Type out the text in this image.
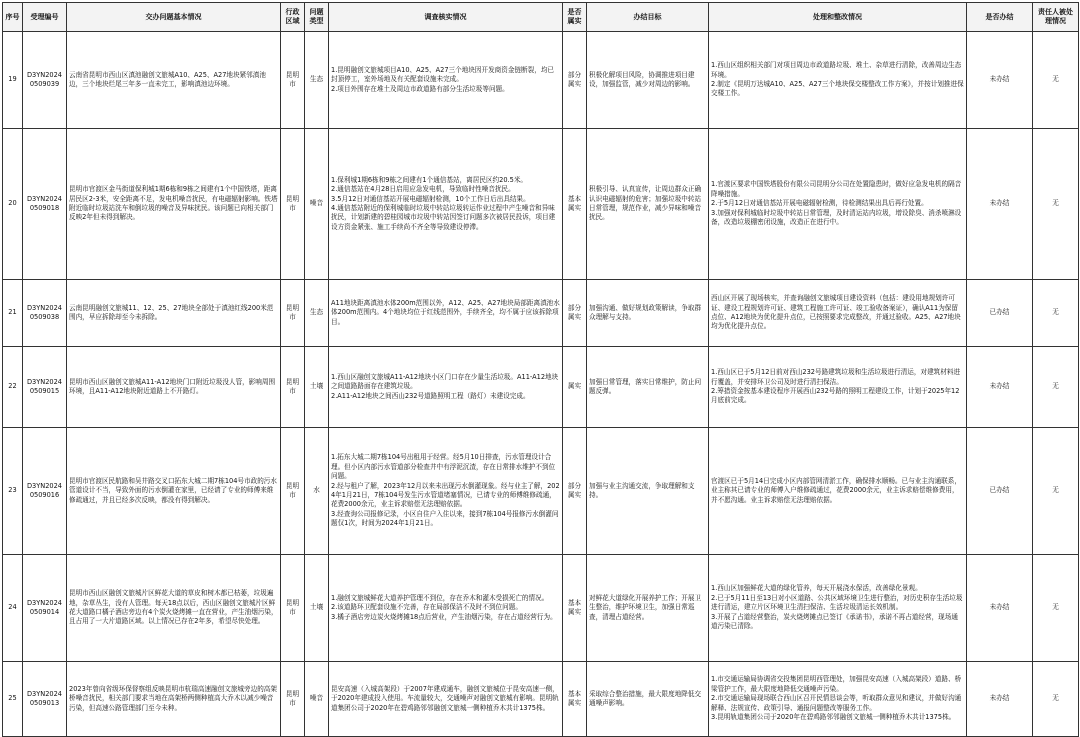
序号	受理编号	交办问题基本情况	行政区域	问题类型	调查核实情况	是否属实	办结目标	处理和整改情况	是否办结	责任人被处理情况
19	D3YN20240509039	云南省昆明市西山区滇池融创文旅城A10、A25、A27地块紧邻滇池边，三个地块烂尾三年多一直未完工，影响滇池边环境。	昆明市	生态	1.昆明融创文旅城项目A10、A25、A27三个地块因开发商资金链断裂，均已封顶停工，室外场地及有关配套设施未完成。
2.项目外围存在堆土及周边市政道路有部分生活垃圾等问题。	部分属实	积极化解项目风险，协调推进项目建设，加强监管，减少对周边的影响。	1.西山区组织相关部门对项目周边市政道路垃圾、堆土、杂草进行清除，改善周边生态环境。
2.制定《昆明万达城A10、A25、A27三个地块保交楼整改工作方案》，并按计划推进保交楼工作。	未办结	无
20	D3YN20240509018	昆明市官渡区金马街道保利城1期6栋和9栋之间建有1个中国铁塔，距离居民区2-3米，安全距离不足，发电机噪音扰民，有电磁辐射影响。铁塔附近临时垃圾站洗车和倒垃圾的噪音及异味扰民。该问题已向相关部门反映2年但未得到解决。	昆明市	噪音	1.保利城1期6栋和9栋之间建有1个通信基站，离居民区约20.5米。
2.通信基站在4月28日启用应急发电机，导致临时性噪音扰民。
3.5月12日对通信基站开展电磁辐射检测，10个工作日后出具结果。
4.通信基站附近的保利城临时垃圾中转站垃圾转运作业过程中产生噪音和异味扰民，计划新建的碧桂园城市垃圾中转站因签订问题多次被居民投诉，项目建设方资金紧张、施工手续尚不齐全等导致建设停滞。	基本属实	积极引导、认真宣传，让周边群众正确认识电磁辐射的危害；加强垃圾中转站日常管理，规范作业，减少异味和噪音扰民。	1.官渡区要求中国铁塔股份有限公司昆明分公司在处置隐患时，做好应急发电机的隔音降噪措施。
2.于5月12日对通信基站开展电磁辐射检测，待检测结果出具后再行处置。
3.加强对保利城临时垃圾中转站日常管理，及时清运站内垃圾，增设除臭、消杀喷淋设备，改造垃圾棚密闭设施，改造正在进行中。	未办结	无
21	D3YN20240509038	云南昆明融创文旅城11、12、25、27地块全部处于滇池红线200米范围内，早应拆除却至今未拆除。	昆明市	生态	A11地块距离滇池水体200m范围以外，A12、A25、A27地块局部距离滇池水体200m范围内。4个地块均位于红线范围外，手续齐全，均不属于应该拆除项目。	部分属实	加强沟通、做好规划政策解读，争取群众理解与支持。	西山区开展了现场核实，并查询融创文旅城项目建设资料（包括：建设用地规划许可证、建设工程规划许可证、建筑工程施工许可证、竣工验收备案证），确认A11为保留点位、A12地块为优化提升点位，已按照要求完成整改，并通过验收。A25、A27地块均为优化提升点位。	已办结	无
22	D3YN20240509015	昆明市西山区融创文旅城A11-A12地块门口附近垃圾没人管，影响周围环境，且A11-A12地块附近道路上不开路灯。	昆明市	土壤	1.西山区融创文旅城A11-A12地块小区门口存在少量生活垃圾。A11-A12地块之间道路路面存在建筑垃圾。
2.A11-A12地块之间西山232号道路照明工程（路灯）未建设完成。	属实	加强日常管理，落实日常维护，防止问题反弹。	1.西山区已于5月12日前对西山232号路建筑垃圾和生活垃圾进行清运，对建筑材料进行覆盖，并安排环卫公司及时进行清扫保洁。
2.筹措资金按基本建设程序开展西山232号路的照明工程建设工作，计划于2025年12月底前完成。	未办结	无
23	D3YN20240509016	昆明市官渡区民航路和吴井路交叉口拓东大城二期7栋104号市政的污水管道设计不当，导致外面的污水倒灌在家里，已经请了专业的师傅来维修疏通过，并且已经多次反映，都没有得到解决。	昆明市	水	1.拓东大城二期7栋104号出租用于经营。经5月10日排查，污水管理设计合理。但小区内部污水管道部分检查井中有浮泥沉渣，存在日常排水维护不到位问题。
2.经与租户了解，2023年12月以来未出现污水倒灌现象。经与业主了解，2024年1月21日，7栋104号发生污水管道堵塞情况，已请专业的师傅维修疏通，花费2000余元，业主诉求赔偿无法理赔依据。
3.经查询公司报修记录，小区自住户入住以来，接到7栋104号报修污水倒灌问题仅1次，时间为2024年1月21日。	部分属实	加强与业主沟通交流，争取理解和支持。	官渡区已于5月14日完成小区内部管网清淤工作，确保排水顺畅。已与业主沟通联系，业主称其已请专业的师傅入户维修疏通过，花费2000余元，业主诉求赔偿维修费用，并不愿沟通。业主诉求赔偿无法理赔依据。	已办结	无
24	D3YN20240509014	昆明市西山区融创文旅城片区鲜花大道的草皮和树木都已枯萎，垃圾遍地，杂草丛生，没有人管理。每天18点以后，西山区融创文旅城片区鲜花大道路口橘子酒店旁边有4个炭火烧烤摊一直在营业，产生油烟污染，且占用了一大片道路区域。以上情况已存在2年多，希望尽快处理。	昆明市	土壤	1.融创文旅城鲜花大道养护管理不到位，存在乔木和灌木受损死亡的情况。
2.该道路环卫配套设施不完善，存在局部保洁不及时不到位问题。
3.橘子酒店旁边炭火烧烤摊18点后营业，产生油烟污染，存在占道经营行为。	基本属实	对鲜花大道绿化开展养护工作；开展卫生整治，维护环境卫生，加强日常巡查，清理占道经营。	1.西山区加强鲜花大道的绿化管养，每天开展浇水保活，改善绿化景观。
2.已于5月11日至13日对小区道路、公共区域环境卫生进行整治，对历史积存生活垃圾进行清运，建立片区环境卫生清扫保洁、生活垃圾清运长效机制。
3.开展了占道经营整治，炭火烧烤摊点已签订《承诺书》，承诺不再占道经营，现场通道污染已清除。	未办结	无
25	D3YN20240509013	2023年曾向省级环保督察组反映昆明市杭瑞高速融创文旅城旁边的高架桥噪音扰民，相关部门要求当地在高架桥两侧种植高大乔木以减少噪音污染，但高速公路管理部门至今未种。	昆明市	噪音	昆安高速（入城高架段）于2007年建成通车，融创文旅城位于昆安高速一侧，于2020年建成投入使用。车流量较大，交通噪声对融创文旅城有影响。昆明轨道集团公司于2020年在碧鸡路邻邻融创文旅城一侧种植乔木共计1375株。	基本属实	采取综合整治措施，最大限度地降低交通噪声影响。	1.市交通运输局协调省交投集团昆明西管理处，加强昆安高速（入城高架段）道路、桥梁管护工作，最大限度地降低交通噪声污染。
2.市交通运输局现场联合西山区召开民情恳谈会等，听取群众意见和建议，并做好沟通解释、法规宣传、政策引导、通报问题整改等服务工作。
3.昆明轨道集团公司于2020年在碧鸡路邻邻融创文旅城一侧种植乔木共计1375株。	未办结	无
